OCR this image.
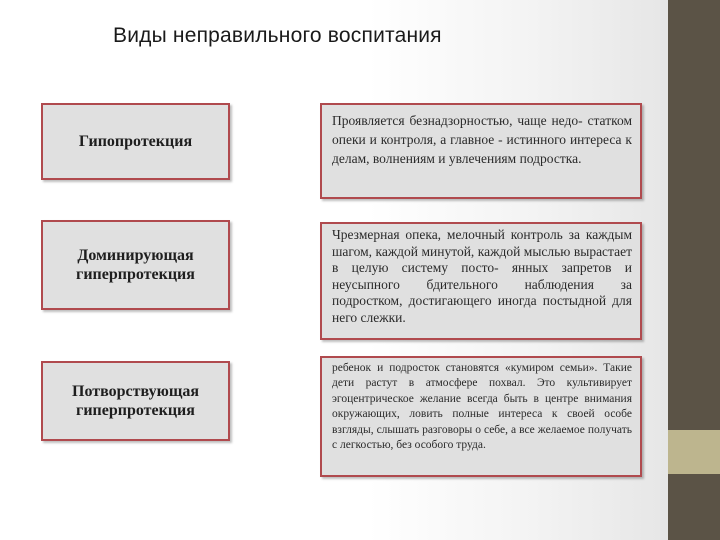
Виды неправильного воспитания
Гипопротекция
Проявляется безнадзорностью, чаще недо- статком опеки и контроля, а главное - истинного интереса к делам, волнениям и увлечениям подростка.
Доминирующая гиперпротекция
Чрезмерная опека, мелочный контроль за каждым шагом, каждой минутой, каждой мыслью вырастает в целую систему посто- янных запретов и неусыпного бдительного наблюдения за подростком, достигающего иногда постыдной для него слежки.
Потворствующая гиперпротекция
ребенок и подросток становятся «кумиром семьи». Такие дети растут в атмосфере похвал. Это культивирует эгоцентрическое желание всегда быть в центре внимания окружающих, ловить полные интереса к своей особе взгляды, слышать разговоры о себе, а все желаемое получать с легкостью, без особого труда.
